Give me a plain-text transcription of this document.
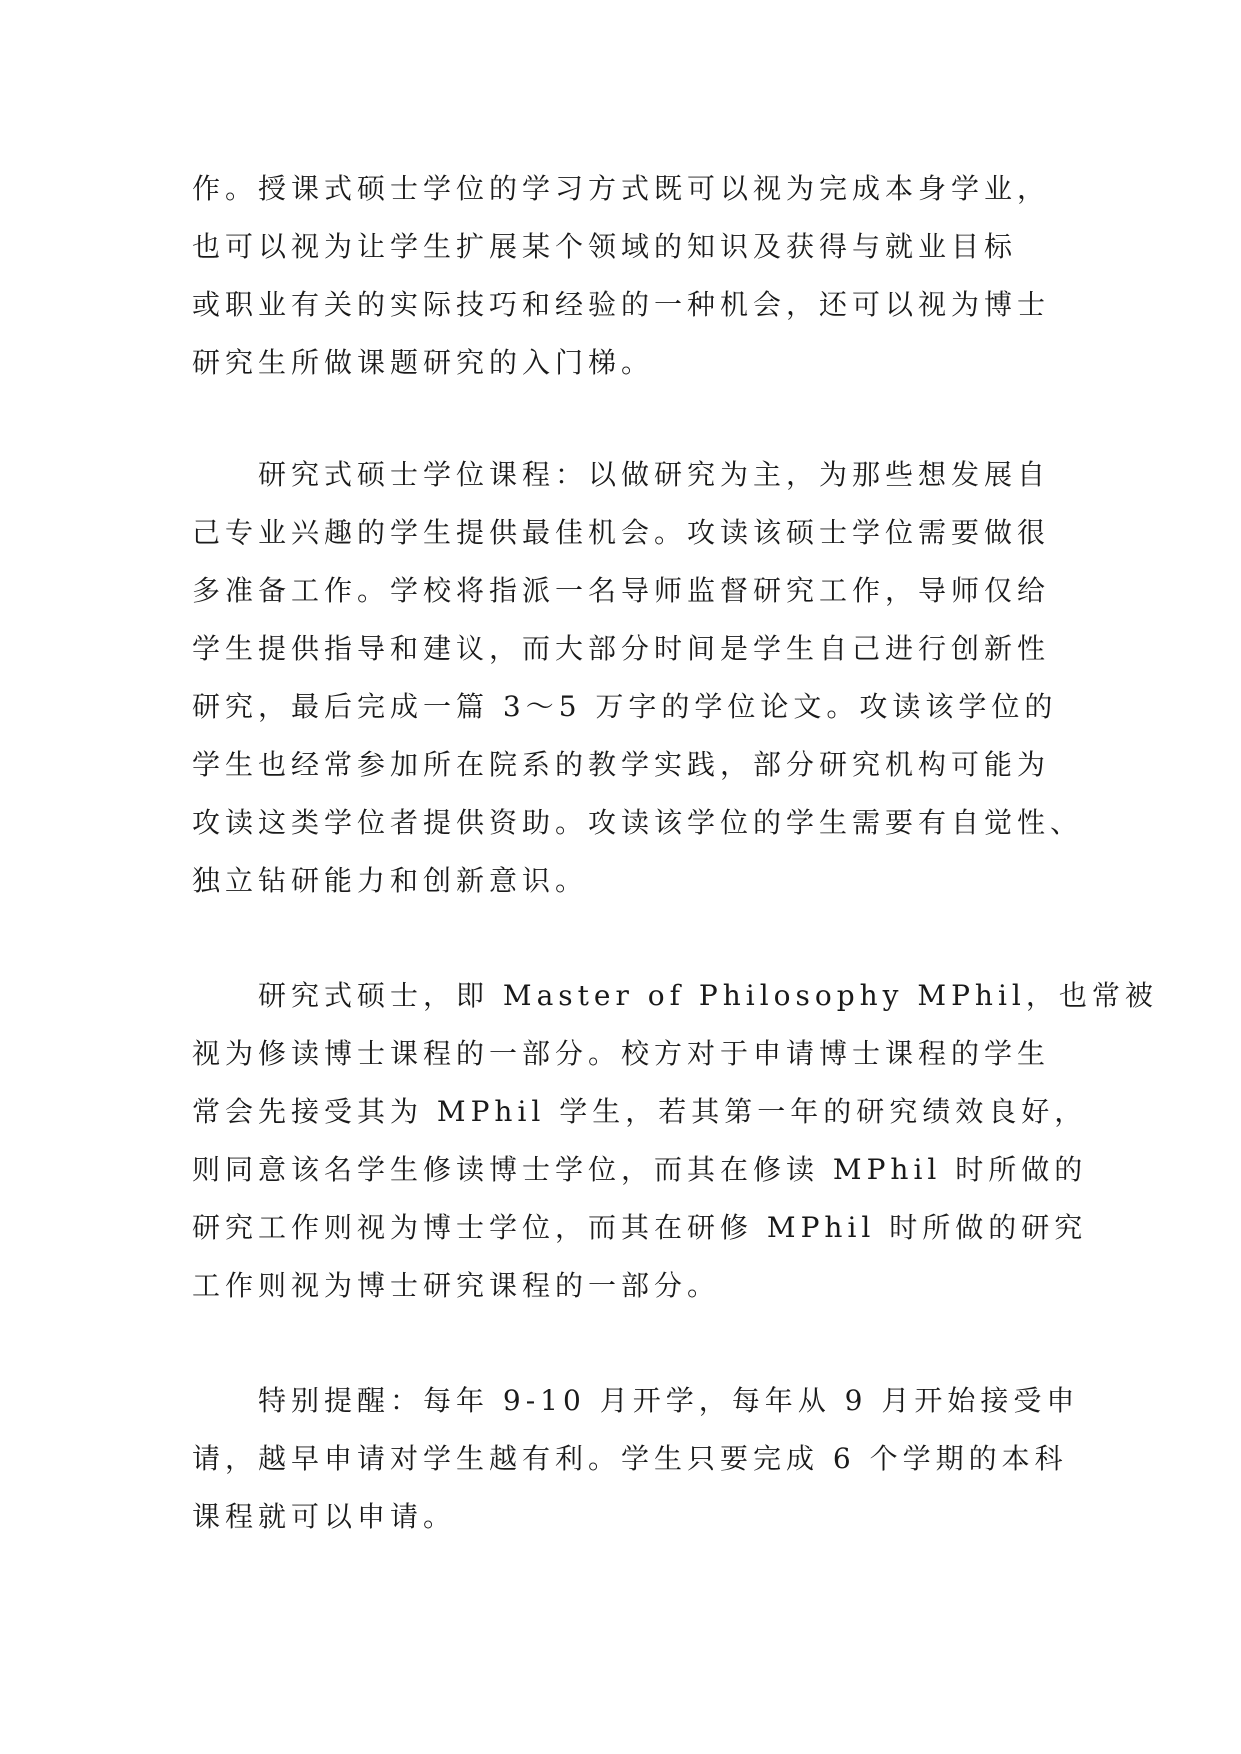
作。授课式硕士学位的学习方式既可以视为完成本身学业，
也可以视为让学生扩展某个领域的知识及获得与就业目标
或职业有关的实际技巧和经验的一种机会，还可以视为博士
研究生所做课题研究的入门梯。
　　研究式硕士学位课程：以做研究为主，为那些想发展自
己专业兴趣的学生提供最佳机会。攻读该硕士学位需要做很
多准备工作。学校将指派一名导师监督研究工作，导师仅给
学生提供指导和建议，而大部分时间是学生自己进行创新性
研究，最后完成一篇 3～5 万字的学位论文。攻读该学位的
学生也经常参加所在院系的教学实践，部分研究机构可能为
攻读这类学位者提供资助。攻读该学位的学生需要有自觉性、
独立钻研能力和创新意识。
　　研究式硕士，即 Master of Philosophy MPhil，也常被
视为修读博士课程的一部分。校方对于申请博士课程的学生
常会先接受其为 MPhil 学生，若其第一年的研究绩效良好，
则同意该名学生修读博士学位，而其在修读 MPhil 时所做的
研究工作则视为博士学位，而其在研修 MPhil 时所做的研究
工作则视为博士研究课程的一部分。
　　特别提醒：每年 9-10 月开学，每年从 9 月开始接受申
请，越早申请对学生越有利。学生只要完成 6 个学期的本科
课程就可以申请。
